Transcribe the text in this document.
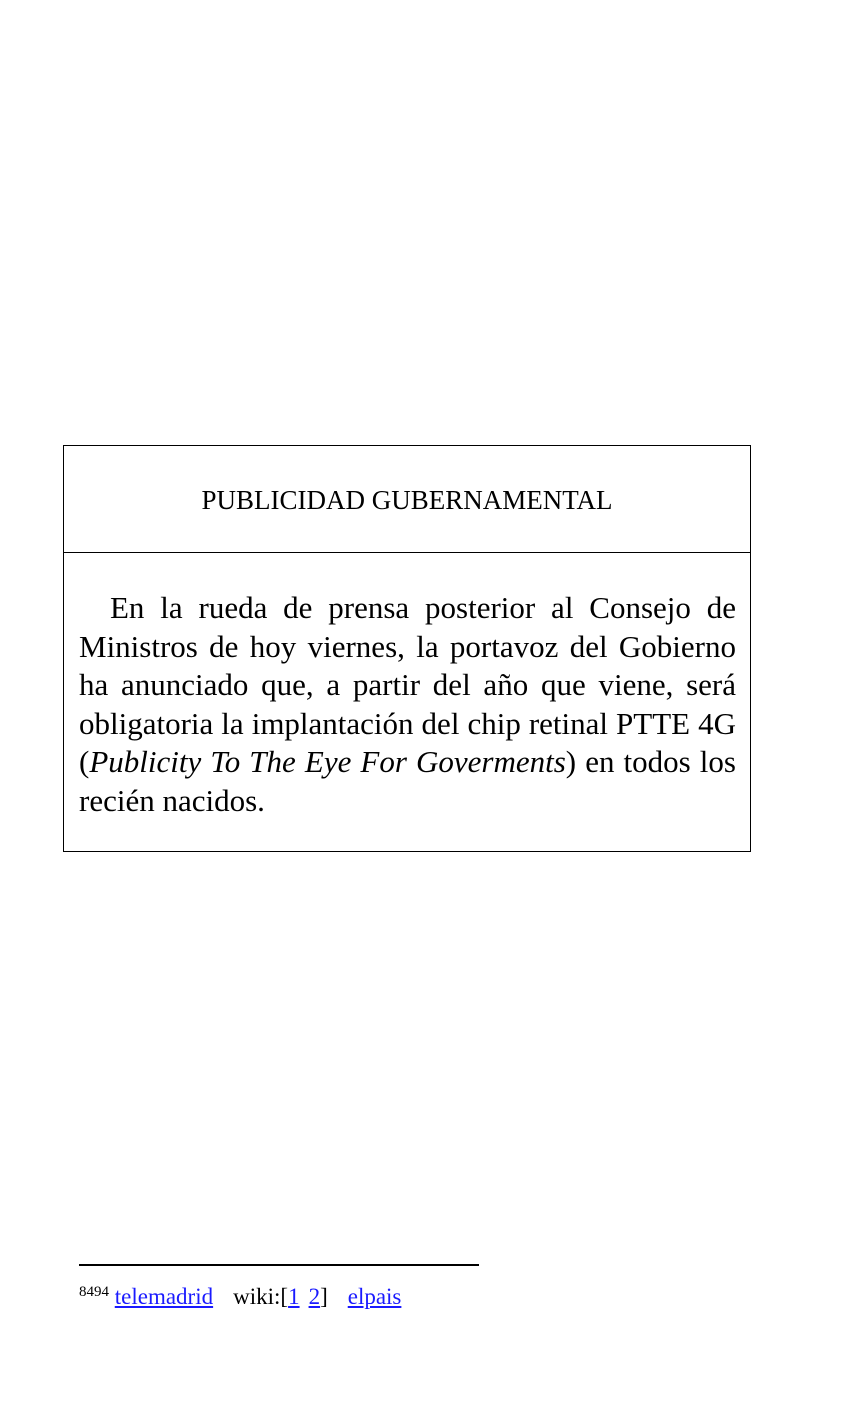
PUBLICIDAD GUBERNAMENTAL
En la rueda de prensa posterior al Consejo de Ministros de hoy viernes, la portavoz del Gobierno ha anunciado que, a partir del año que viene, será obligatoria la implantación del chip retinal PTTE 4G (Publicity To The Eye For Goverments) en todos los recién nacidos.
$^{8494}$ telemadrid wiki:[1 2] elpais
